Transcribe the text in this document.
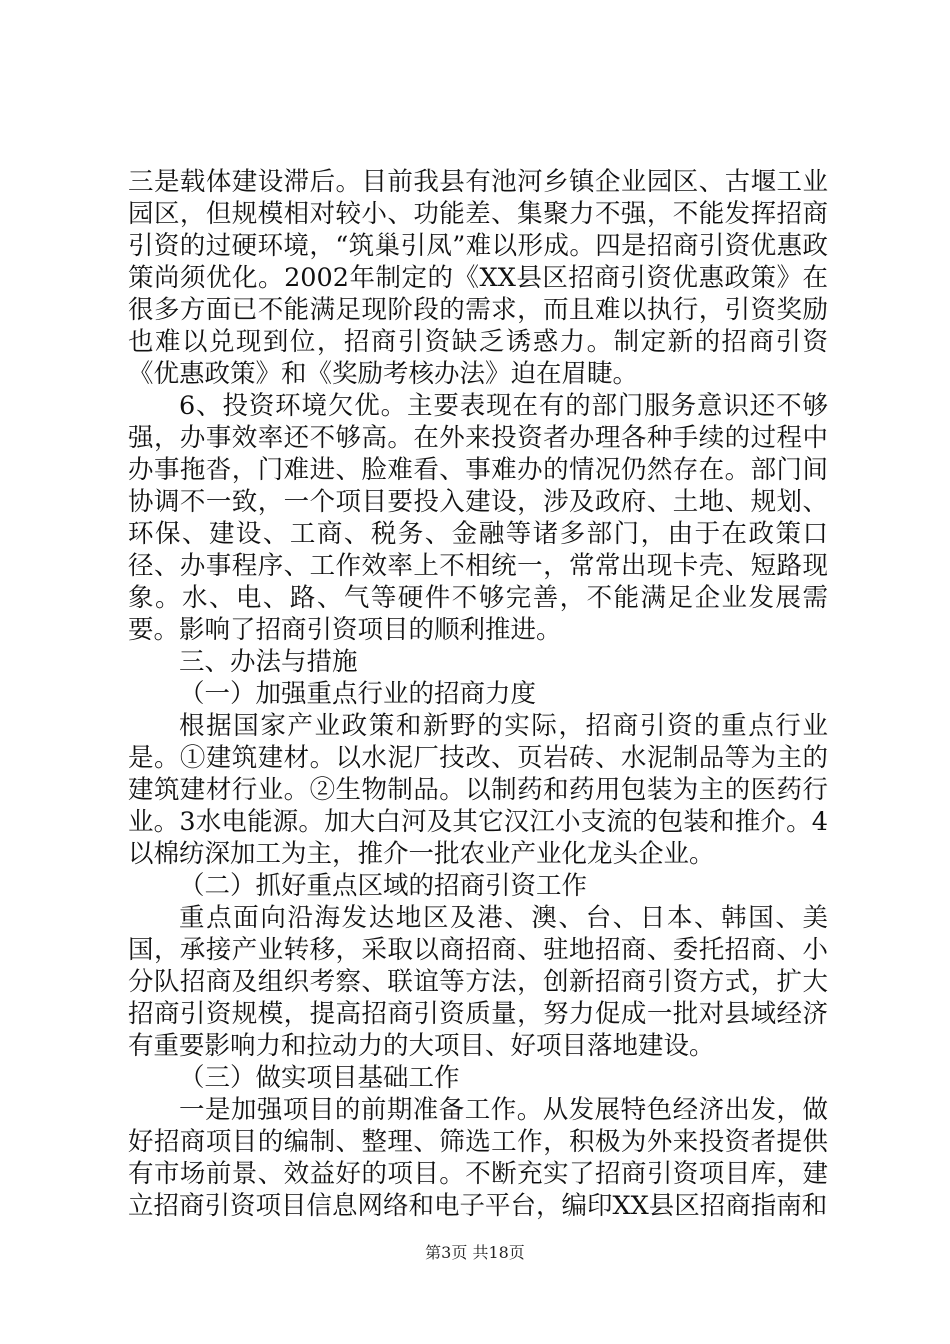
三是载体建设滞后。目前我县有池河乡镇企业园区、古堰工业园区，但规模相对较小、功能差、集聚力不强，不能发挥招商引资的过硬环境，“筑巢引凤”难以形成。四是招商引资优惠政策尚须优化。2002年制定的《XX县区招商引资优惠政策》在很多方面已不能满足现阶段的需求，而且难以执行，引资奖励也难以兑现到位，招商引资缺乏诱惑力。制定新的招商引资《优惠政策》和《奖励考核办法》迫在眉睫。

6、投资环境欠优。主要表现在有的部门服务意识还不够强，办事效率还不够高。在外来投资者办理各种手续的过程中办事拖沓，门难进、脸难看、事难办的情况仍然存在。部门间协调不一致，一个项目要投入建设，涉及政府、土地、规划、环保、建设、工商、税务、金融等诸多部门，由于在政策口径、办事程序、工作效率上不相统一，常常出现卡壳、短路现象。水、电、路、气等硬件不够完善，不能满足企业发展需要。影响了招商引资项目的顺利推进。

三、办法与措施

（一）加强重点行业的招商力度

根据国家产业政策和新野的实际，招商引资的重点行业是。①建筑建材。以水泥厂技改、页岩砖、水泥制品等为主的建筑建材行业。②生物制品。以制药和药用包装为主的医药行业。3水电能源。加大白河及其它汉江小支流的包装和推介。4以棉纺深加工为主，推介一批农业产业化龙头企业。

（二）抓好重点区域的招商引资工作

重点面向沿海发达地区及港、澳、台、日本、韩国、美国，承接产业转移，采取以商招商、驻地招商、委托招商、小分队招商及组织考察、联谊等方法，创新招商引资方式，扩大招商引资规模，提高招商引资质量，努力促成一批对县域经济有重要影响力和拉动力的大项目、好项目落地建设。

（三）做实项目基础工作

一是加强项目的前期准备工作。从发展特色经济出发，做好招商项目的编制、整理、筛选工作，积极为外来投资者提供有市场前景、效益好的项目。不断充实了招商引资项目库，建立招商引资项目信息网络和电子平台，编印XX县区招商指南和

第3页 共18页
